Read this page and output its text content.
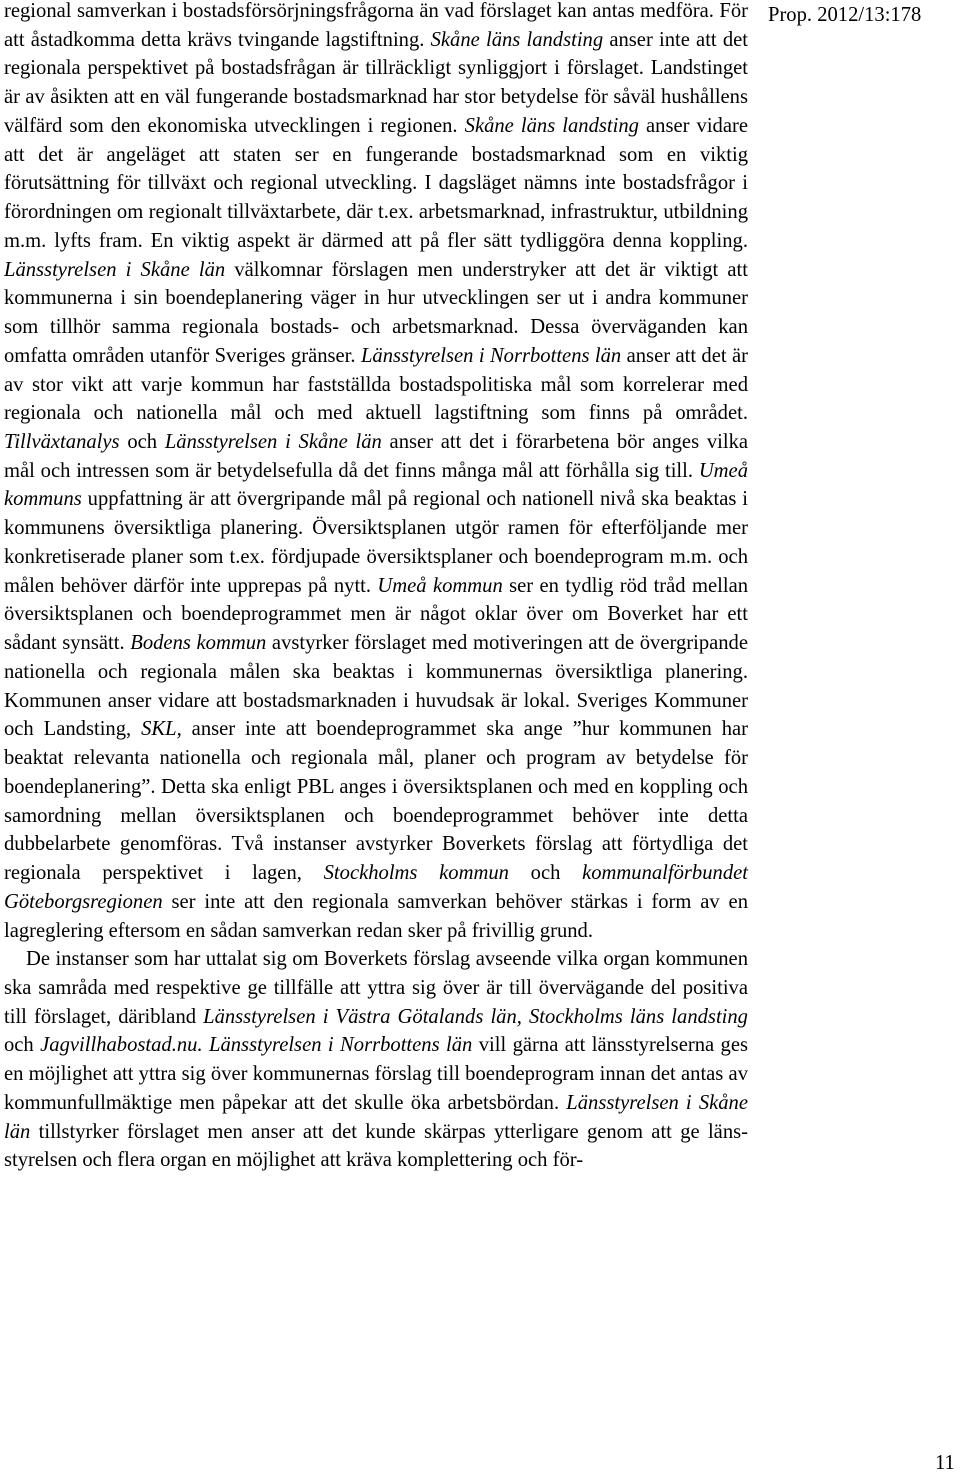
regional samverkan i bostadsförsörjningsfrågorna än vad förslaget kan antas medföra. För att åstadkomma detta krävs tvingande lagstiftning. Skåne läns landsting anser inte att det regionala perspektivet på bostadsfrågan är tillräckligt synliggjort i förslaget. Landstinget är av åsikten att en väl fungerande bostadsmarknad har stor betydelse för såväl hushållens välfärd som den ekonomiska utvecklingen i regionen. Skåne läns landsting anser vidare att det är angeläget att staten ser en fungerande bostadsmarknad som en viktig förutsättning för tillväxt och regional utveckling. I dagsläget nämns inte bostadsfrågor i förordningen om regionalt tillväxtarbete, där t.ex. arbetsmarknad, infrastruktur, utbildning m.m. lyfts fram. En viktig aspekt är därmed att på fler sätt tydliggöra denna koppling. Länsstyrelsen i Skåne län välkomnar förslagen men understryker att det är viktigt att kommunerna i sin boendeplanering väger in hur utvecklingen ser ut i andra kommuner som tillhör samma regionala bostads- och arbetsmarknad. Dessa överväganden kan omfatta områden utanför Sveriges gränser. Länsstyrelsen i Norrbottens län anser att det är av stor vikt att varje kommun har fastställda bostadspolitiska mål som korrelerar med regionala och nationella mål och med aktuell lagstiftning som finns på området. Tillväxtanalys och Länsstyrelsen i Skåne län anser att det i förarbetena bör anges vilka mål och intressen som är betydelsefulla då det finns många mål att förhålla sig till. Umeå kommuns uppfattning är att övergripande mål på regional och nationell nivå ska beaktas i kommunens översiktliga planering. Översiktsplanen utgör ramen för efterföljande mer konkretiserade planer som t.ex. fördjupade översiktsplaner och boendeprogram m.m. och målen behöver därför inte upprepas på nytt. Umeå kommun ser en tydlig röd tråd mellan översiktsplanen och boendeprogrammet men är något oklar över om Boverket har ett sådant synsätt. Bodens kommun avstyrker förslaget med motiveringen att de övergripande nationella och regionala målen ska beaktas i kommunernas översiktliga planering. Kommunen anser vidare att bostadsmarknaden i huvudsak är lokal. Sveriges Kommuner och Landsting, SKL, anser inte att boendeprogrammet ska ange ”hur kommunen har beaktat relevanta nationella och regionala mål, planer och program av betydelse för boendeplanering”. Detta ska enligt PBL anges i översiktsplanen och med en koppling och samordning mellan översiktsplanen och boendeprogrammet behöver inte detta dubbelarbete genomföras. Två instanser avstyrker Boverkets förslag att förtydliga det regionala perspektivet i lagen, Stockholms kommun och kommunalförbundet Göteborgsregionen ser inte att den regionala samverkan behöver stärkas i form av en lagreglering eftersom en sådan samverkan redan sker på frivillig grund.

De instanser som har uttalat sig om Boverkets förslag avseende vilka organ kommunen ska samråda med respektive ge tillfälle att yttra sig över är till övervägande del positiva till förslaget, däribland Länsstyrelsen i Västra Götalands län, Stockholms läns landsting och Jagvillhabostad.nu. Länsstyrelsen i Norrbottens län vill gärna att länsstyrelserna ges en möjlighet att yttra sig över kommunernas förslag till boendeprogram innan det antas av kommunfullmäktige men påpekar att det skulle öka arbetsbördan. Länsstyrelsen i Skåne län tillstyrker förslaget men anser att det kunde skärpas ytterligare genom att ge länsstyrelsen och flera organ en möjlighet att kräva komplettering och för-

Prop. 2012/13:178
11
